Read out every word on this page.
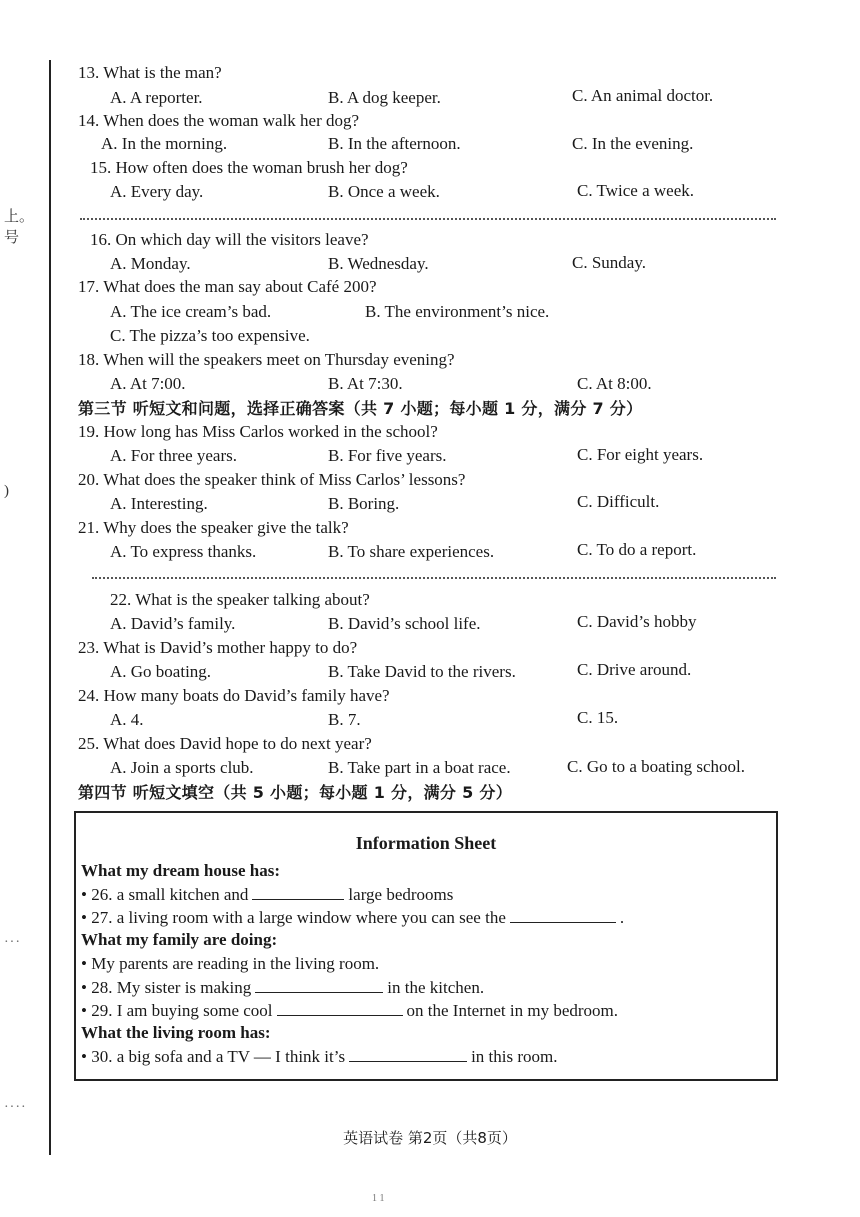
上。
号
)
···
····
13. What is the man?
A. A reporter.	B. A dog keeper.	C. An animal doctor.
14. When does the woman walk her dog?
A. In the morning.	B. In the afternoon.	C. In the evening.
15. How often does the woman brush her dog?
A. Every day.	B. Once a week.	C. Twice a week.
16. On which day will the visitors leave?
A. Monday.	B. Wednesday.	C. Sunday.
17. What does the man say about Café 200?
A. The ice cream’s bad.	B. The environment’s nice.
C. The pizza’s too expensive.
18. When will the speakers meet on Thursday evening?
A. At 7:00.	B. At 7:30.	C. At 8:00.
第三节 听短文和问题，选择正确答案（共 7 小题；每小题 1 分，满分 7 分）
19. How long has Miss Carlos worked in the school?
A. For three years.	B. For five years.	C. For eight years.
20. What does the speaker think of Miss Carlos’ lessons?
A. Interesting.	B. Boring.	C. Difficult.
21. Why does the speaker give the talk?
A. To express thanks.	B. To share experiences.	C. To do a report.
22. What is the speaker talking about?
A. David’s family.	B. David’s school life.	C. David’s hobby
23. What is David’s mother happy to do?
A. Go boating.	B. Take David to the rivers.	C. Drive around.
24. How many boats do David’s family have?
A. 4.	B. 7.	C. 15.
25. What does David hope to do next year?
A. Join a sports club.	B. Take part in a boat race.	C. Go to a boating school.
第四节 听短文填空（共 5 小题；每小题 1 分，满分 5 分）
Information Sheet
What my dream house has:
• 26. a small kitchen and	large bedrooms
• 27. a living room with a large window where you can see the	.
What my family are doing:
• My parents are reading in the living room.
• 28. My sister is making	in the kitchen.
• 29. I am buying some cool	on the Internet in my bedroom.
What the living room has:
• 30. a big sofa and a TV — I think it’s	in this room.
英语试卷 第2页（共8页）
1 1
